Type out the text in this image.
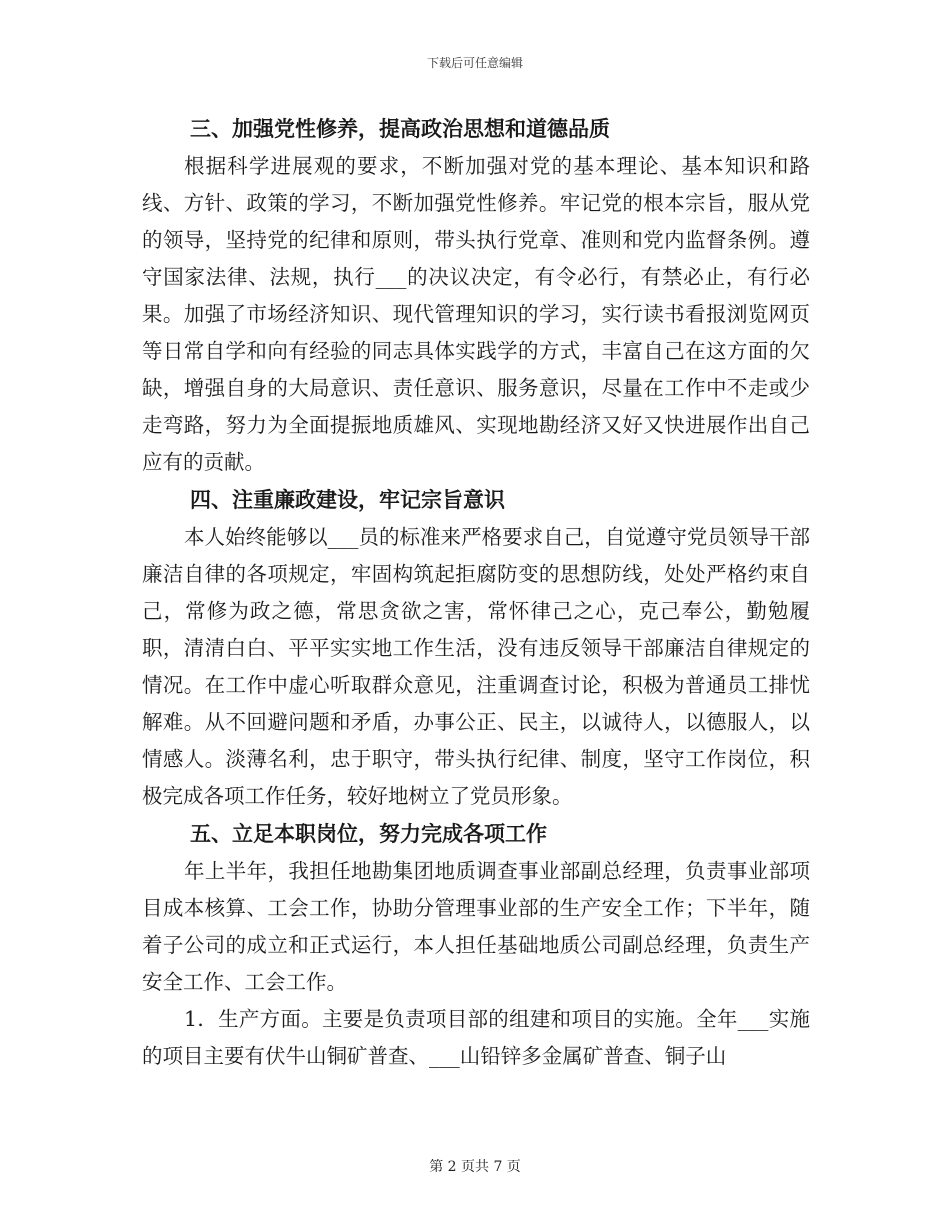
下载后可任意编辑
三、加强党性修养，提高政治思想和道德品质

根据科学进展观的要求，不断加强对党的基本理论、基本知识和路线、方针、政策的学习，不断加强党性修养。牢记党的根本宗旨，服从党的领导，坚持党的纪律和原则，带头执行党章、准则和党内监督条例。遵守国家法律、法规，执行___的决议决定，有令必行，有禁必止，有行必果。加强了市场经济知识、现代管理知识的学习，实行读书看报浏览网页等日常自学和向有经验的同志具体实践学的方式，丰富自己在这方面的欠缺，增强自身的大局意识、责任意识、服务意识，尽量在工作中不走或少走弯路，努力为全面提振地质雄风、实现地勘经济又好又快进展作出自己应有的贡献。

四、注重廉政建设，牢记宗旨意识

本人始终能够以___员的标准来严格要求自己，自觉遵守党员领导干部廉洁自律的各项规定，牢固构筑起拒腐防变的思想防线，处处严格约束自己，常修为政之德，常思贪欲之害，常怀律己之心，克己奉公，勤勉履职，清清白白、平平实实地工作生活，没有违反领导干部廉洁自律规定的情况。在工作中虚心听取群众意见，注重调查讨论，积极为普通员工排忧解难。从不回避问题和矛盾，办事公正、民主，以诚待人，以德服人，以情感人。淡薄名利，忠于职守，带头执行纪律、制度，坚守工作岗位，积极完成各项工作任务，较好地树立了党员形象。

五、立足本职岗位，努力完成各项工作

年上半年，我担任地勘集团地质调查事业部副总经理，负责事业部项目成本核算、工会工作，协助分管理事业部的生产安全工作；下半年，随着子公司的成立和正式运行，本人担任基础地质公司副总经理，负责生产安全工作、工会工作。

1．生产方面。主要是负责项目部的组建和项目的实施。全年___实施的项目主要有伏牛山铜矿普查、___山铅锌多金属矿普查、铜子山

第 2 页共 7 页
